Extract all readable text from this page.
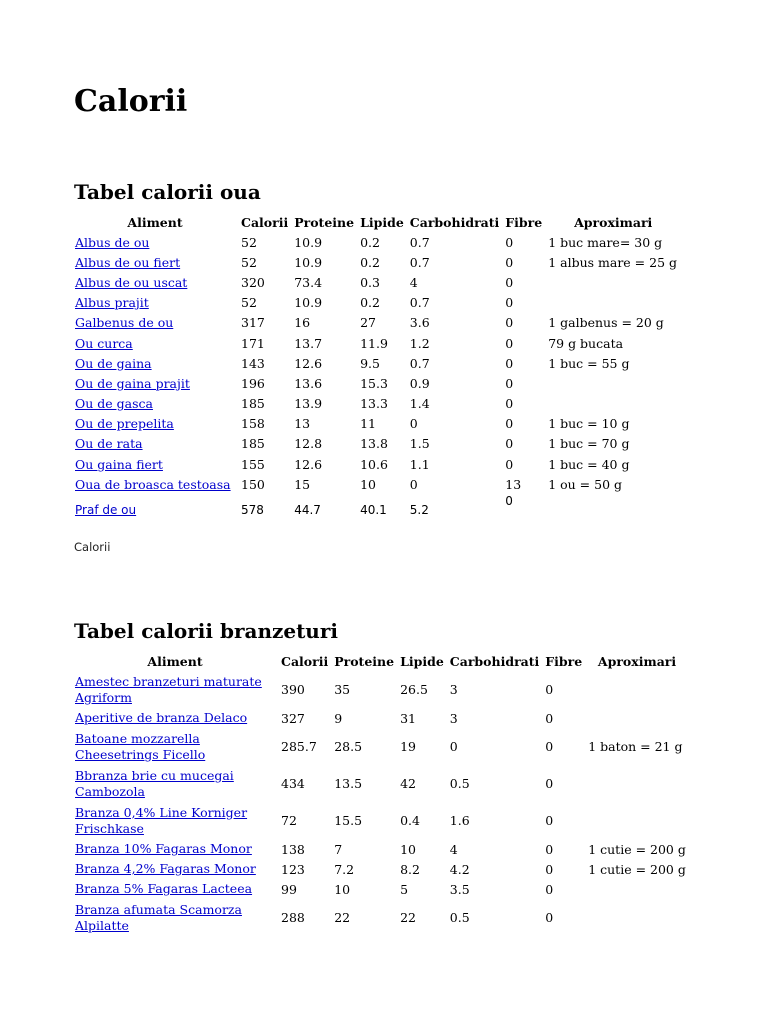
Calorii
Tabel calorii oua
Aliment	Calorii	Proteine	Lipide	Carbohidrati	Fibre	Aproximari
Albus de ou	52	10.9	0.2	0.7	0	1 buc mare= 30 g
Albus de ou fiert	52	10.9	0.2	0.7	0	1 albus mare = 25 g
Albus de ou uscat	320	73.4	0.3	4	0	
Albus prajit	52	10.9	0.2	0.7	0	
Galbenus de ou	317	16	27	3.6	0	1 galbenus = 20 g
Ou curca	171	13.7	11.9	1.2	0	79 g bucata
Ou de gaina	143	12.6	9.5	0.7	0	1 buc = 55 g
Ou de gaina prajit	196	13.6	15.3	0.9	0	
Ou de gasca	185	13.9	13.3	1.4	0	
Ou de prepelita	158	13	11	0	0	1 buc = 10 g
Ou de rata	185	12.8	13.8	1.5	0	1 buc = 70 g
Ou gaina fiert	155	12.6	10.6	1.1	0	1 buc = 40 g
Oua de broasca testoasa	150	15	10	0	13	1 ou = 50 g
Praf de ou	578	44.7	40.1	5.2	0	
Calorii
Tabel calorii branzeturi
Aliment	Calorii	Proteine	Lipide	Carbohidrati	Fibre	Aproximari
Amestec branzeturi maturate Agriform	390	35	26.5	3	0	
Aperitive de branza Delaco	327	9	31	3	0	
Batoane mozzarella Cheesetrings Ficello	285.7	28.5	19	0	0	1 baton = 21 g
Bbranza brie cu mucegai Cambozola	434	13.5	42	0.5	0	
Branza 0,4% Line Korniger Frischkase	72	15.5	0.4	1.6	0	
Branza 10% Fagaras Monor	138	7	10	4	0	1 cutie = 200 g
Branza 4,2% Fagaras Monor	123	7.2	8.2	4.2	0	1 cutie = 200 g
Branza 5% Fagaras Lacteea	99	10	5	3.5	0	
Branza afumata Scamorza Alpilatte	288	22	22	0.5	0	
